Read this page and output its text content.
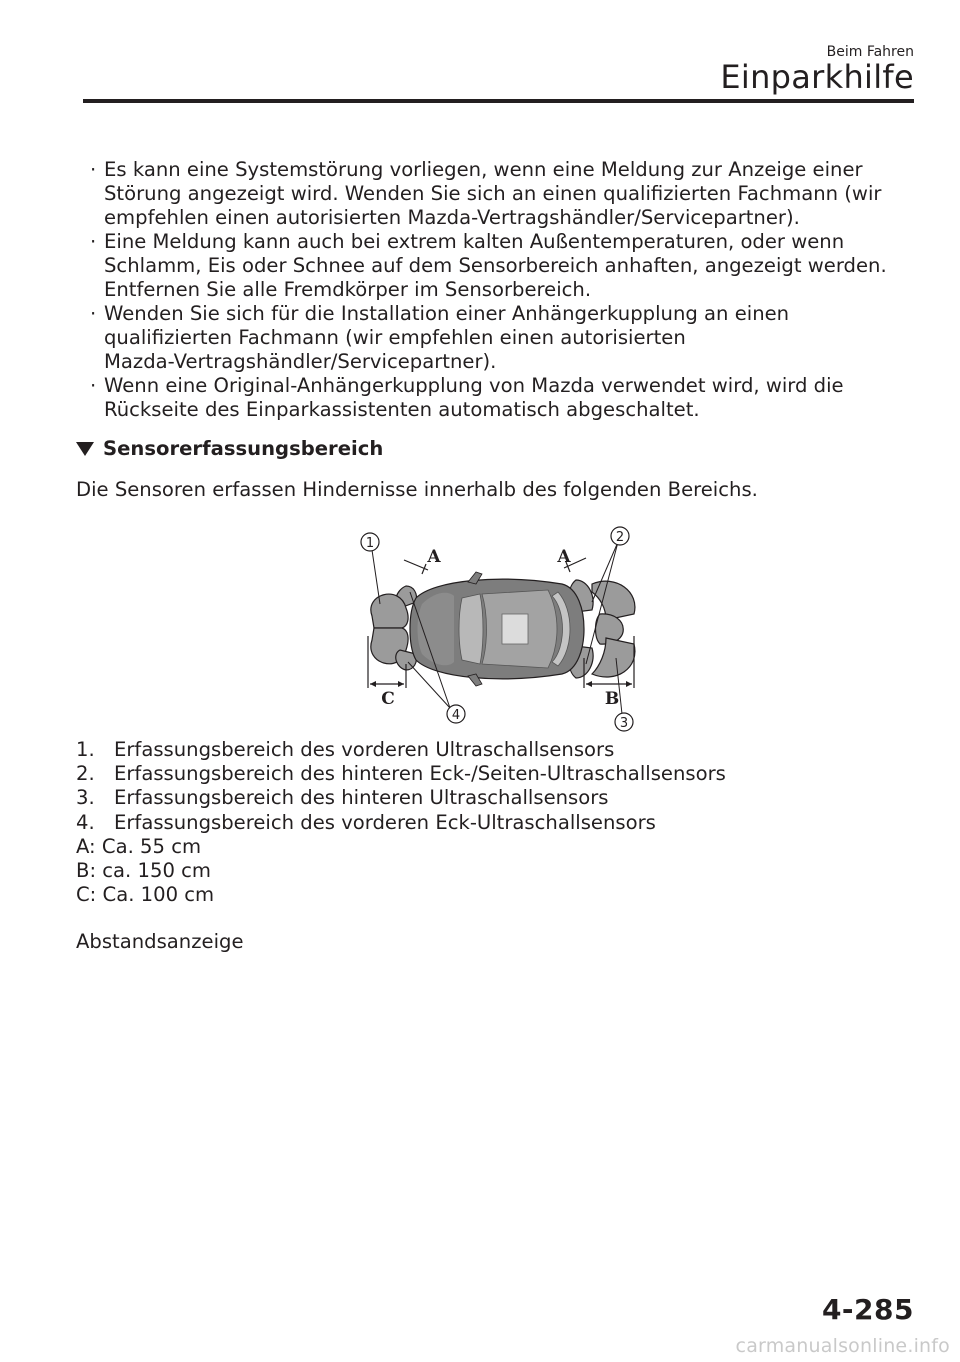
Beim Fahren
Einparkhilfe
· Es kann eine Systemstörung vorliegen, wenn eine Meldung zur Anzeige einer
Störung angezeigt wird. Wenden Sie sich an einen qualifizierten Fachmann (wir
empfehlen einen autorisierten Mazda-Vertragshändler/Servicepartner).
· Eine Meldung kann auch bei extrem kalten Außentemperaturen, oder wenn
Schlamm, Eis oder Schnee auf dem Sensorbereich anhaften, angezeigt werden.
Entfernen Sie alle Fremdkörper im Sensorbereich.
· Wenden Sie sich für die Installation einer Anhängerkupplung an einen
qualifizierten Fachmann (wir empfehlen einen autorisierten
Mazda-Vertragshändler/Servicepartner).
· Wenn eine Original-Anhängerkupplung von Mazda verwendet wird, wird die
Rückseite des Einparkassistenten automatisch abgeschaltet.
Sensorerfassungsbereich
Die Sensoren erfassen Hindernisse innerhalb des folgenden Bereichs.
1	2
3
4
A	A
C	B
1. Erfassungsbereich des vorderen Ultraschallsensors
2. Erfassungsbereich des hinteren Eck-/Seiten-Ultraschallsensors
3. Erfassungsbereich des hinteren Ultraschallsensors
4. Erfassungsbereich des vorderen Eck-Ultraschallsensors
A: Ca. 55 cm
B: ca. 150 cm
C: Ca. 100 cm
Abstandsanzeige
4-285
carmanualsonline.info
